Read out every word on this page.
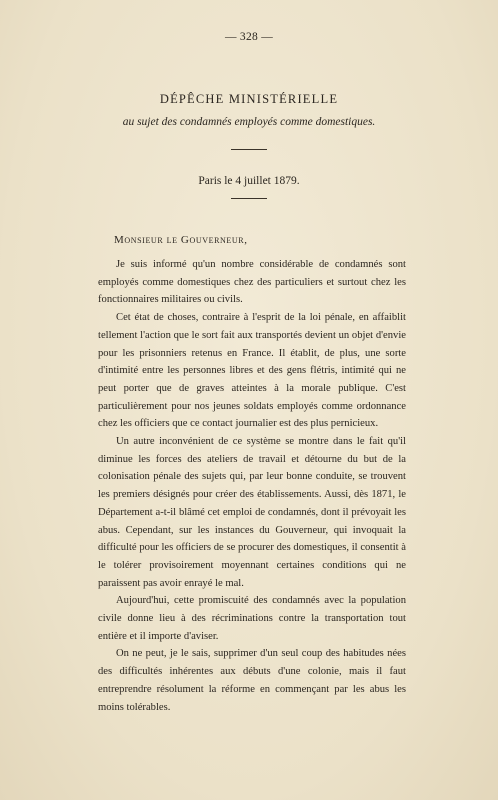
— 328 —
DÉPÊCHE MINISTÉRIELLE
au sujet des condamnés employés comme domestiques.
Paris le 4 juillet 1879.
Monsieur le Gouverneur,

Je suis informé qu'un nombre considérable de condamnés sont employés comme domestiques chez des particuliers et surtout chez les fonctionnaires militaires ou civils.

Cet état de choses, contraire à l'esprit de la loi pénale, en affaiblit tellement l'action que le sort fait aux transportés devient un objet d'envie pour les prisonniers retenus en France. Il établit, de plus, une sorte d'intimité entre les personnes libres et des gens flétris, intimité qui ne peut porter que de graves atteintes à la morale publique. C'est particulièrement pour nos jeunes soldats employés comme ordonnance chez les officiers que ce contact journalier est des plus pernicieux.

Un autre inconvénient de ce système se montre dans le fait qu'il diminue les forces des ateliers de travail et détourne du but de la colonisation pénale des sujets qui, par leur bonne conduite, se trouvent les premiers désignés pour créer des établissements. Aussi, dès 1871, le Département a-t-il blâmé cet emploi de condamnés, dont il prévoyait les abus. Cependant, sur les instances du Gouverneur, qui invoquait la difficulté pour les officiers de se procurer des domestiques, il consentit à le tolérer provisoirement moyennant certaines conditions qui ne paraissent pas avoir enrayé le mal.

Aujourd'hui, cette promiscuité des condamnés avec la population civile donne lieu à des récriminations contre la transportation tout entière et il importe d'aviser.

On ne peut, je le sais, supprimer d'un seul coup des habitudes nées des difficultés inhérentes aux débuts d'une colonie, mais il faut entreprendre résolument la réforme en commençant par les abus les moins tolérables.
